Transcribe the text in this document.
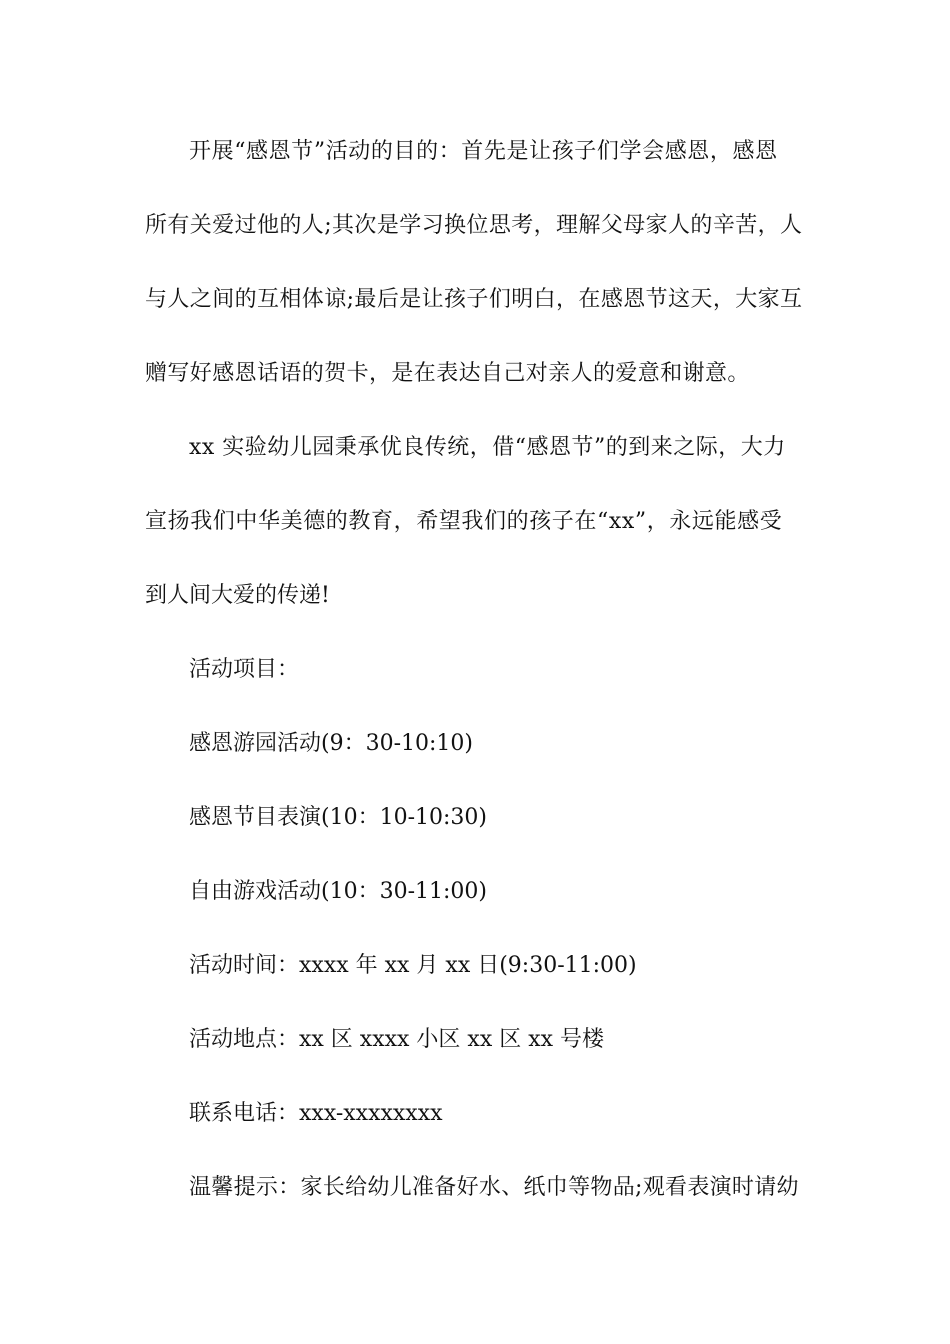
开展“感恩节”活动的目的：首先是让孩子们学会感恩，感恩
所有关爱过他的人;其次是学习换位思考，理解父母家人的辛苦，人
与人之间的互相体谅;最后是让孩子们明白，在感恩节这天，大家互
赠写好感恩话语的贺卡，是在表达自己对亲人的爱意和谢意。
xx 实验幼儿园秉承优良传统，借“感恩节”的到来之际，大力
宣扬我们中华美德的教育，希望我们的孩子在“xx”，永远能感受
到人间大爱的传递!
活动项目：
感恩游园活动(9：30-10:10)
感恩节目表演(10：10-10:30)
自由游戏活动(10：30-11:00)
活动时间：xxxx 年 xx 月 xx 日(9:30-11:00)
活动地点：xx 区 xxxx 小区 xx 区 xx 号楼
联系电话：xxx-xxxxxxxx
温馨提示：家长给幼儿准备好水、纸巾等物品;观看表演时请幼
